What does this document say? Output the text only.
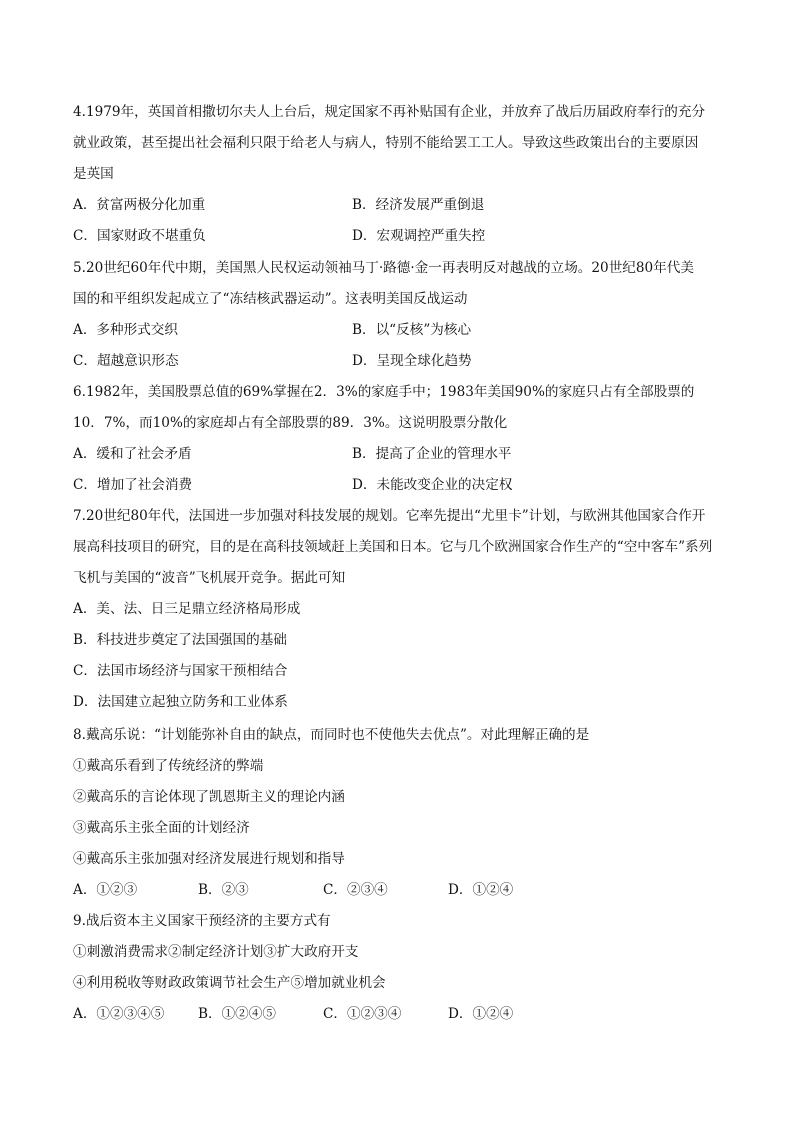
4.1979年，英国首相撒切尔夫人上台后，规定国家不再补贴国有企业，并放弃了战后历届政府奉行的充分

就业政策，甚至提出社会福利只限于给老人与病人，特别不能给罢工工人。导致这些政策出台的主要原因

是英国

A．贫富两极分化加重	B．经济发展严重倒退
C．国家财政不堪重负	D．宏观调控严重失控

5.20世纪60年代中期，美国黑人民权运动领袖马丁·路德·金一再表明反对越战的立场。20世纪80年代美

国的和平组织发起成立了“冻结核武器运动”。这表明美国反战运动

A．多种形式交织	B．以“反核”为核心
C．超越意识形态	D．呈现全球化趋势

6.1982年，美国股票总值的69%掌握在2．3%的家庭手中；1983年美国90%的家庭只占有全部股票的

10．7%，而10%的家庭却占有全部股票的89．3%。这说明股票分散化

A．缓和了社会矛盾	B．提高了企业的管理水平
C．增加了社会消费	D．未能改变企业的决定权

7.20世纪80年代，法国进一步加强对科技发展的规划。它率先提出“尤里卡”计划，与欧洲其他国家合作开

展高科技项目的研究，目的是在高科技领域赶上美国和日本。它与几个欧洲国家合作生产的“空中客车”系列

飞机与美国的“波音”飞机展开竞争。据此可知

A．美、法、日三足鼎立经济格局形成

B．科技进步奠定了法国强国的基础

C．法国市场经济与国家干预相结合

D．法国建立起独立防务和工业体系

8.戴高乐说：“计划能弥补自由的缺点，而同时也不使他失去优点”。对此理解正确的是

①戴高乐看到了传统经济的弊端

②戴高乐的言论体现了凯恩斯主义的理论内涵

③戴高乐主张全面的计划经济

④戴高乐主张加强对经济发展进行规划和指导

A．①②③	B．②③	C．②③④	D．①②④

9.战后资本主义国家干预经济的主要方式有

①刺激消费需求②制定经济计划③扩大政府开支

④利用税收等财政政策调节社会生产⑤增加就业机会

A．①②③④⑤	B．①②④⑤	C．①②③④	D．①②④
